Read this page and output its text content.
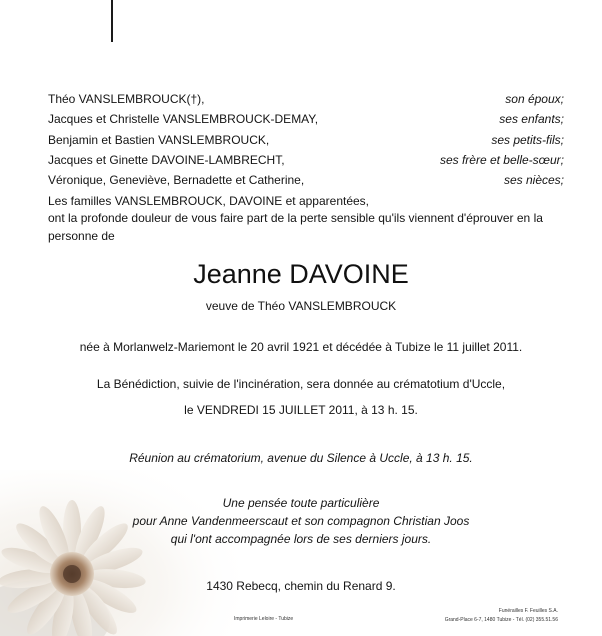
Théo VANSLEMBROUCK(†),
Jacques et Christelle VANSLEMBROUCK-DEMAY,
Benjamin et Bastien VANSLEMBROUCK,
Jacques et Ginette DAVOINE-LAMBRECHT,
Véronique, Geneviève, Bernadette et Catherine,
Les familles VANSLEMBROUCK, DAVOINE et apparentées,
son époux;
ses enfants;
ses petits-fils;
ses frère et belle-sœur;
ses nièces;
ont la profonde douleur de vous faire part de la perte sensible qu'ils viennent d'éprouver en la
personne de
Jeanne DAVOINE
veuve de Théo VANSLEMBROUCK
née à Morlanwelz-Mariemont le 20 avril 1921 et décédée à Tubize le 11 juillet 2011.
La Bénédiction, suivie de l'incinération, sera donnée au crématotium d'Uccle,
le VENDREDI 15 JUILLET 2011, à 13 h. 15.
Réunion au crématorium, avenue du Silence à Uccle, à 13 h. 15.
Une pensée toute particulière
pour Anne Vandenmeerscaut et son compagnon Christian Joos
qui l'ont accompagnée lors de ses derniers jours.
1430 Rebecq, chemin du Renard 9.
Imprimerie Leloire - Tubize
Funérailles F. Feuilles S.A.
Grand-Place 6-7, 1480 Tubize - Tél. (02) 355.51.56
